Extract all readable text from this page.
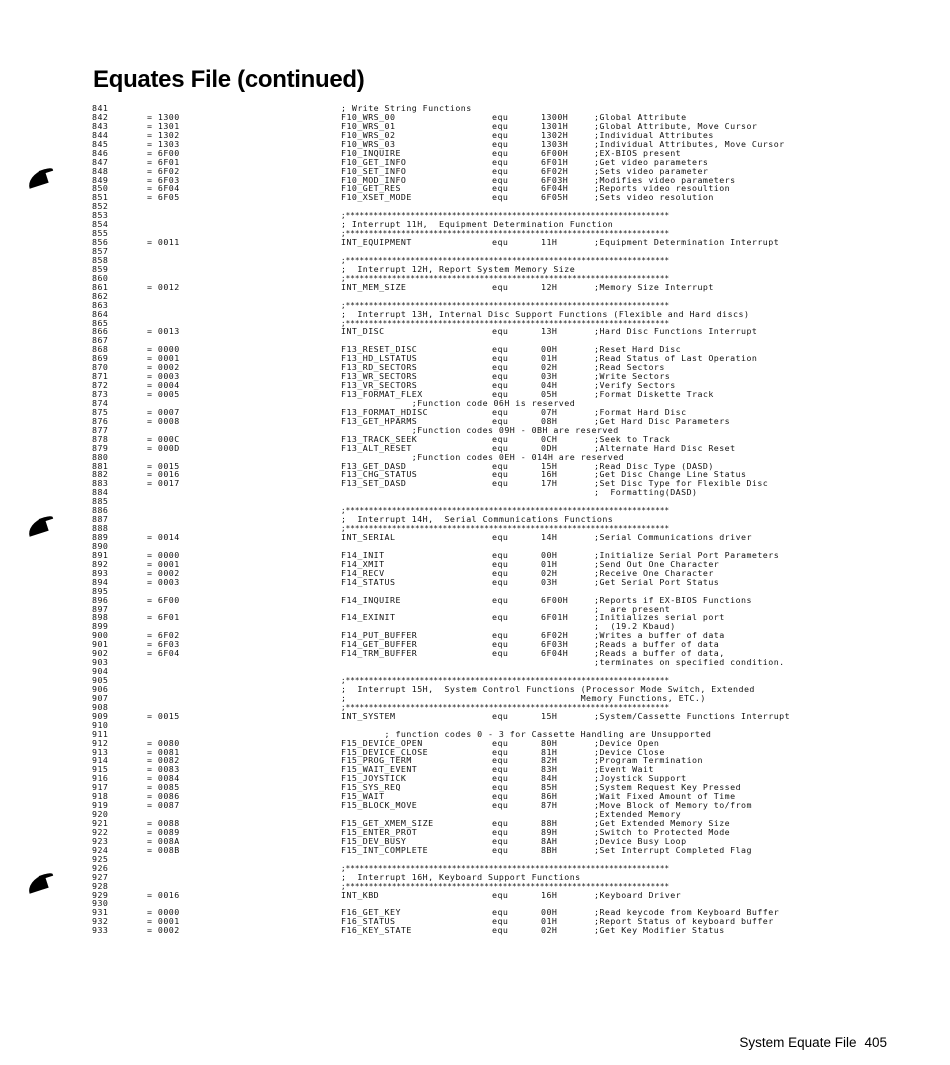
Equates File (continued)
841	; Write String Functions
842	= 1300	F10_WRS_00	equ	1300H	;Global Attribute
843	= 1301	F10_WRS_01	equ	1301H	;Global Attribute, Move Cursor
844	= 1302	F10_WRS_02	equ	1302H	;Individual Attributes
845	= 1303	F10_WRS_03	equ	1303H	;Individual Attributes, Move Cursor
846	= 6F00	F10_INQUIRE	equ	6F00H	;EX-BIOS present
847	= 6F01	F10_GET_INFO	equ	6F01H	;Get video parameters
848	= 6F02	F10_SET_INFO	equ	6F02H	;Sets video parameter
849	= 6F03	F10_MOD_INFO	equ	6F03H	;Modifies video parameters
850	= 6F04	F10_GET_RES	equ	6F04H	;Reports video resoultion
851	= 6F05	F10_XSET_MODE	equ	6F05H	;Sets video resolution
852
853	;**********************************************************************
854	; Interrupt 11H,  Equipment Determination Function
855	;**********************************************************************
856	= 0011	INT_EQUIPMENT	equ	11H	;Equipment Determination Interrupt
857
858	;**********************************************************************
859	;  Interrupt 12H, Report System Memory Size
860	;**********************************************************************
861	= 0012	INT_MEM_SIZE	equ	12H	;Memory Size Interrupt
862
863	;**********************************************************************
864	;  Interrupt 13H, Internal Disc Support Functions (Flexible and Hard discs)
865	;**********************************************************************
866	= 0013	INT_DISC	equ	13H	;Hard Disc Functions Interrupt
867
868	= 0000	F13_RESET_DISC	equ	00H	;Reset Hard Disc
869	= 0001	F13_HD_LSTATUS	equ	01H	;Read Status of Last Operation
870	= 0002	F13_RD_SECTORS	equ	02H	;Read Sectors
871	= 0003	F13_WR_SECTORS	equ	03H	;Write Sectors
872	= 0004	F13_VR_SECTORS	equ	04H	;Verify Sectors
873	= 0005	F13_FORMAT_FLEX	equ	05H	;Format Diskette Track
874	;Function code 06H is reserved
875	= 0007	F13_FORMAT_HDISC	equ	07H	;Format Hard Disc
876	= 0008	F13_GET_HPARMS	equ	08H	;Get Hard Disc Parameters
877	;Function codes 09H - 0BH are reserved
878	= 000C	F13_TRACK_SEEK	equ	0CH	;Seek to Track
879	= 000D	F13_ALT_RESET	equ	0DH	;Alternate Hard Disc Reset
880	;Function codes 0EH - 014H are reserved
881	= 0015	F13_GET_DASD	equ	15H	;Read Disc Type (DASD)
882	= 0016	F13_CHG_STATUS	equ	16H	;Get Disc Change Line Status
883	= 0017	F13_SET_DASD	equ	17H	;Set Disc Type for Flexible Disc
884	;  Formatting(DASD)
885
886	;**********************************************************************
887	;  Interrupt 14H,  Serial Communications Functions
888	;**********************************************************************
889	= 0014	INT_SERIAL	equ	14H	;Serial Communications driver
890
891	= 0000	F14_INIT	equ	00H	;Initialize Serial Port Parameters
892	= 0001	F14_XMIT	equ	01H	;Send Out One Character
893	= 0002	F14_RECV	equ	02H	;Receive One Character
894	= 0003	F14_STATUS	equ	03H	;Get Serial Port Status
895
896	= 6F00	F14_INQUIRE	equ	6F00H	;Reports if EX-BIOS Functions
897	;  are present
898	= 6F01	F14_EXINIT	equ	6F01H	;Initializes serial port
899	;  (19.2 Kbaud)
900	= 6F02	F14_PUT_BUFFER	equ	6F02H	;Writes a buffer of data
901	= 6F03	F14_GET_BUFFER	equ	6F03H	;Reads a buffer of data
902	= 6F04	F14_TRM_BUFFER	equ	6F04H	;Reads a buffer of data,
903	;terminates on specified condition.
904
905	;**********************************************************************
906	;  Interrupt 15H,  System Control Functions (Processor Mode Switch, Extended
907	;                                           Memory Functions, ETC.)
908	;**********************************************************************
909	= 0015	INT_SYSTEM	equ	15H	;System/Cassette Functions Interrupt
910
911	; function codes 0 - 3 for Cassette Handling are Unsupported
912	= 0080	F15_DEVICE_OPEN	equ	80H	;Device Open
913	= 0081	F15_DEVICE_CLOSE	equ	81H	;Device Close
914	= 0082	F15_PROG_TERM	equ	82H	;Program Termination
915	= 0083	F15_WAIT_EVENT	equ	83H	;Event Wait
916	= 0084	F15_JOYSTICK	equ	84H	;Joystick Support
917	= 0085	F15_SYS_REQ	equ	85H	;System Request Key Pressed
918	= 0086	F15_WAIT	equ	86H	;Wait Fixed Amount of Time
919	= 0087	F15_BLOCK_MOVE	equ	87H	;Move Block of Memory to/from
920	;Extended Memory
921	= 0088	F15_GET_XMEM_SIZE	equ	88H	;Get Extended Memory Size
922	= 0089	F15_ENTER_PROT	equ	89H	;Switch to Protected Mode
923	= 008A	F15_DEV_BUSY	equ	8AH	;Device Busy Loop
924	= 008B	F15_INT_COMPLETE	equ	8BH	;Set Interrupt Completed Flag
925
926	;**********************************************************************
927	;  Interrupt 16H, Keyboard Support Functions
928	;**********************************************************************
929	= 0016	INT_KBD	equ	16H	;Keyboard Driver
930
931	= 0000	F16_GET_KEY	equ	00H	;Read keycode from Keyboard Buffer
932	= 0001	F16_STATUS	equ	01H	;Report Status of keyboard buffer
933	= 0002	F16_KEY_STATE	equ	02H	;Get Key Modifier Status
System Equate File 405
